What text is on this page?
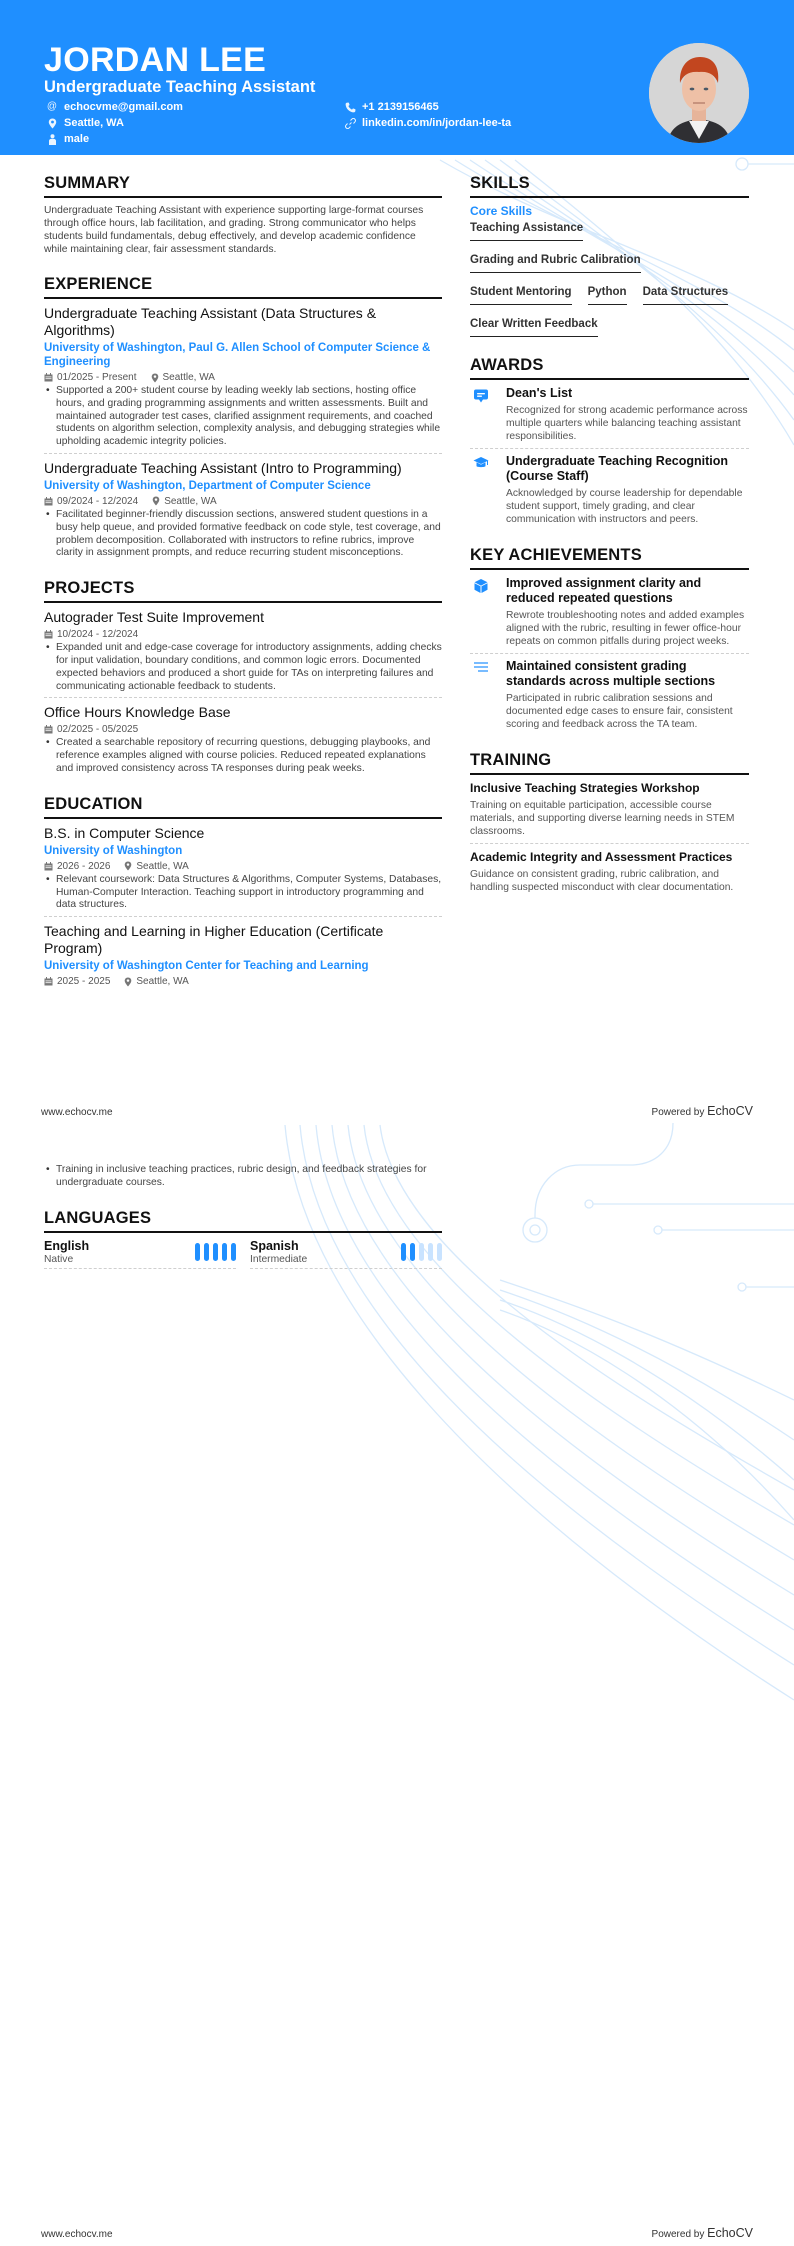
JORDAN LEE
Undergraduate Teaching Assistant
@ echocvme@gmail.com
Seattle, WA
male
+1 2139156465
linkedin.com/in/jordan-lee-ta
SUMMARY

Undergraduate Teaching Assistant with experience supporting large-format courses through office hours, lab facilitation, and grading. Strong communicator who helps students build fundamentals, debug effectively, and develop academic confidence while maintaining clear, fair assessment standards.

EXPERIENCE
Undergraduate Teaching Assistant (Data Structures & Algorithms)
University of Washington, Paul G. Allen School of Computer Science & Engineering
01/2025 - Present	Seattle, WA
• Supported a 200+ student course by leading weekly lab sections, hosting office hours, and grading programming assignments and written assessments. Built and maintained autograder test cases, clarified assignment requirements, and coached students on algorithm selection, complexity analysis, and debugging strategies while upholding academic integrity policies.
Undergraduate Teaching Assistant (Intro to Programming)
University of Washington, Department of Computer Science
09/2024 - 12/2024	Seattle, WA
• Facilitated beginner-friendly discussion sections, answered student questions in a busy help queue, and provided formative feedback on code style, test coverage, and problem decomposition. Collaborated with instructors to refine rubrics, improve clarity in assignment prompts, and reduce recurring student misconceptions.
PROJECTS
Autograder Test Suite Improvement
10/2024 - 12/2024
• Expanded unit and edge-case coverage for introductory assignments, adding checks for input validation, boundary conditions, and common logic errors. Documented expected behaviors and produced a short guide for TAs on interpreting failures and communicating actionable feedback to students.
Office Hours Knowledge Base
02/2025 - 05/2025
• Created a searchable repository of recurring questions, debugging playbooks, and reference examples aligned with course policies. Reduced repeated explanations and improved consistency across TA responses during peak weeks.
EDUCATION
B.S. in Computer Science
University of Washington
2026 - 2026	Seattle, WA
• Relevant coursework: Data Structures & Algorithms, Computer Systems, Databases, Human-Computer Interaction. Teaching support in introductory programming and data structures.
Teaching and Learning in Higher Education (Certificate Program)
University of Washington Center for Teaching and Learning
2025 - 2025	Seattle, WA
www.echocv.me	Powered by EchoCV
• Training in inclusive teaching practices, rubric design, and feedback strategies for undergraduate courses.
LANGUAGES
English
Native
Spanish
Intermediate
SKILLS
Core Skills
Teaching Assistance
Grading and Rubric Calibration
Student Mentoring Python Data Structures
Clear Written Feedback
AWARDS
Dean's List
Recognized for strong academic performance across multiple quarters while balancing teaching assistant responsibilities.
Undergraduate Teaching Recognition (Course Staff)
Acknowledged by course leadership for dependable student support, timely grading, and clear communication with instructors and peers.
KEY ACHIEVEMENTS
Improved assignment clarity and reduced repeated questions
Rewrote troubleshooting notes and added examples aligned with the rubric, resulting in fewer office-hour repeats on common pitfalls during project weeks.
Maintained consistent grading standards across multiple sections
Participated in rubric calibration sessions and documented edge cases to ensure fair, consistent scoring and feedback across the TA team.
TRAINING
Inclusive Teaching Strategies Workshop
Training on equitable participation, accessible course materials, and supporting diverse learning needs in STEM classrooms.
Academic Integrity and Assessment Practices
Guidance on consistent grading, rubric calibration, and handling suspected misconduct with clear documentation.
www.echocv.me	Powered by EchoCV
